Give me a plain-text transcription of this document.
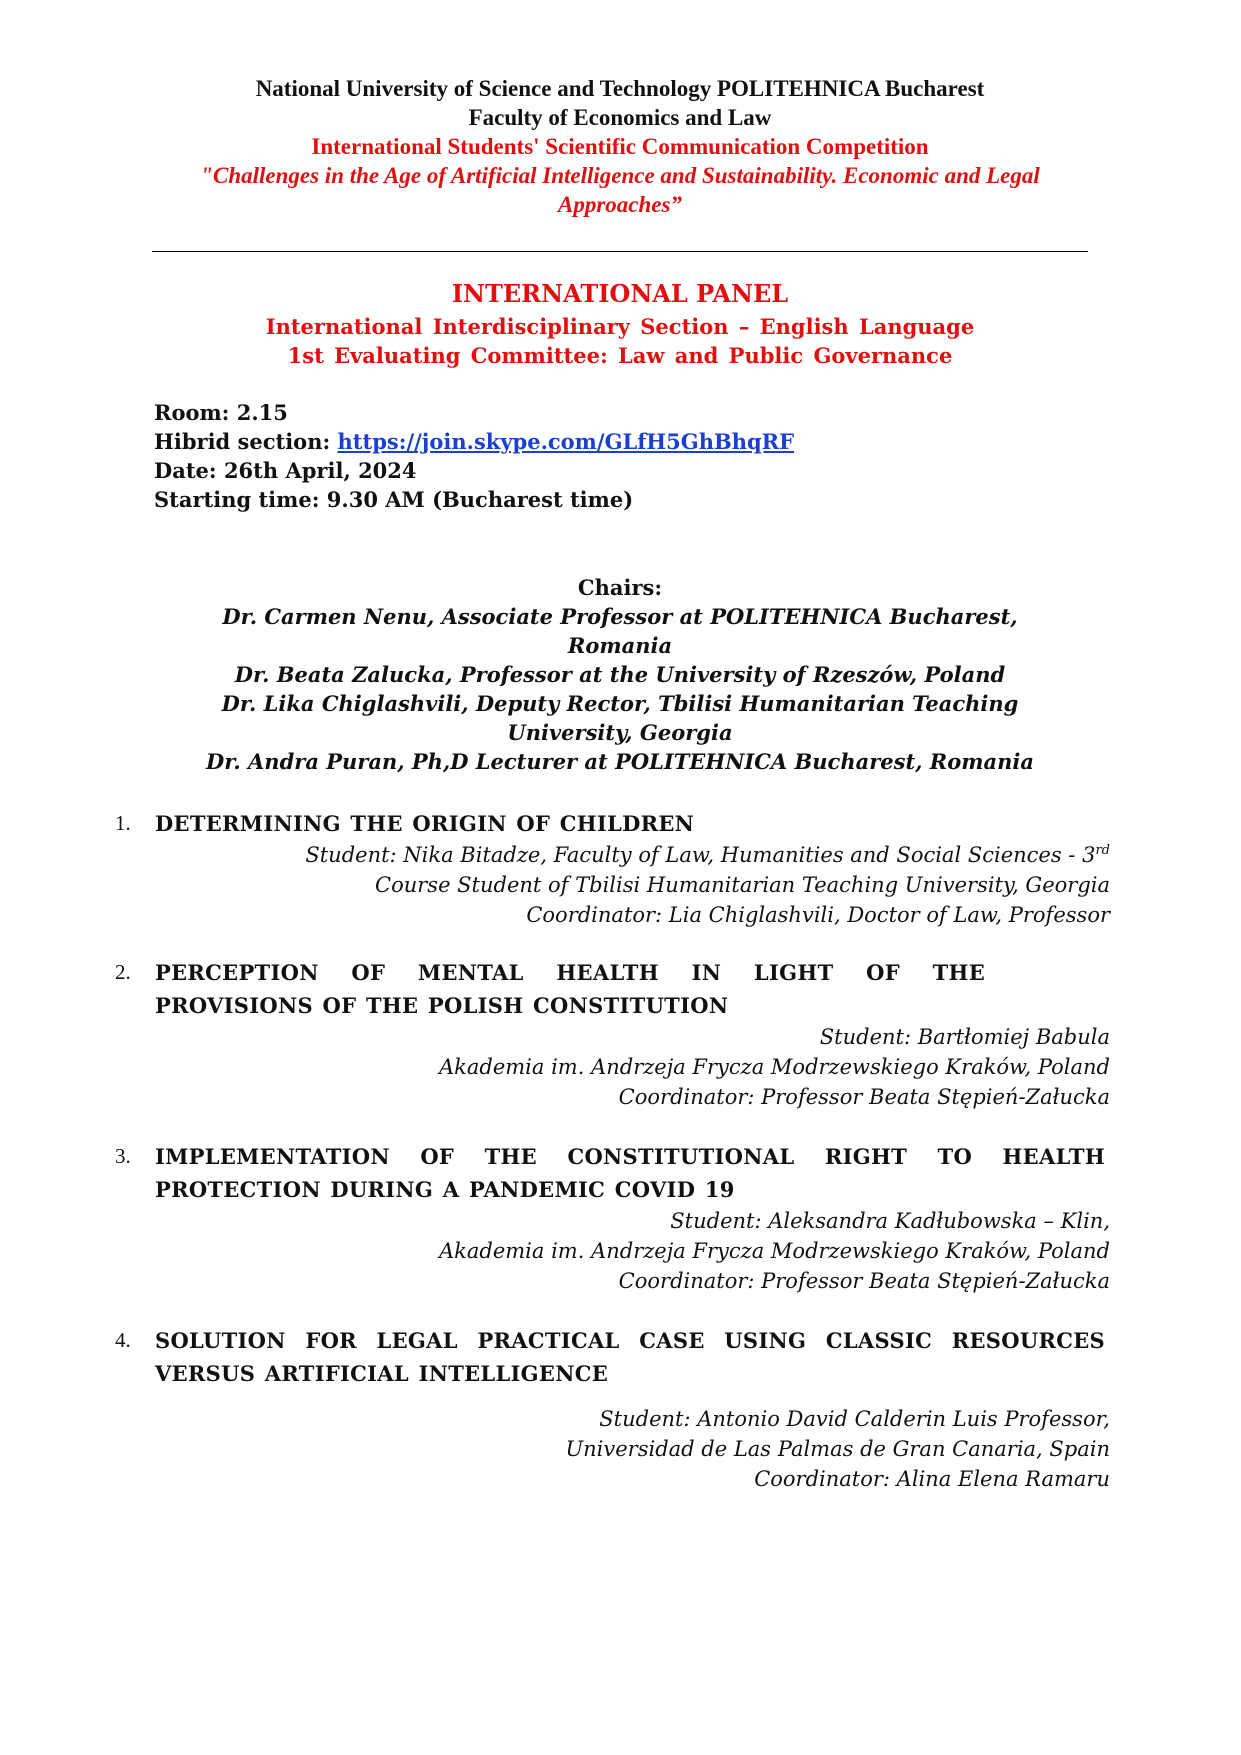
National University of Science and Technology POLITEHNICA Bucharest
Faculty of Economics and Law
International Students' Scientific Communication Competition
"Challenges in the Age of Artificial Intelligence and Sustainability. Economic and Legal
Approaches”
INTERNATIONAL PANEL
International Interdisciplinary Section – English Language
1st Evaluating Committee: Law and Public Governance
Room: 2.15
Hibrid section: https://join.skype.com/GLfH5GhBhqRF
Date: 26th April, 2024
Starting time: 9.30 AM (Bucharest time)
Chairs:
Dr. Carmen Nenu, Associate Professor at POLITEHNICA Bucharest,
Romania
Dr. Beata Zalucka, Professor at the University of Rzeszów, Poland
Dr. Lika Chiglashvili, Deputy Rector, Tbilisi Humanitarian Teaching
University, Georgia
Dr. Andra Puran, Ph,D Lecturer at POLITEHNICA Bucharest, Romania
1. DETERMINING THE ORIGIN OF CHILDREN
Student: Nika Bitadze, Faculty of Law, Humanities and Social Sciences - 3rd
Course Student of Tbilisi Humanitarian Teaching University, Georgia
Coordinator: Lia Chiglashvili, Doctor of Law, Professor
2. PERCEPTION OF MENTAL HEALTH IN LIGHT OF THE PROVISIONS OF THE POLISH CONSTITUTION
Student: Bartłomiej Babula
Akademia im. Andrzeja Frycza Modrzewskiego Kraków, Poland
Coordinator: Professor Beata Stępień-Załucka
3. IMPLEMENTATION OF THE CONSTITUTIONAL RIGHT TO HEALTH PROTECTION DURING A PANDEMIC COVID 19
Student: Aleksandra Kadłubowska – Klin,
Akademia im. Andrzeja Frycza Modrzewskiego Kraków, Poland
Coordinator: Professor Beata Stępień-Załucka
4. SOLUTION FOR LEGAL PRACTICAL CASE USING CLASSIC RESOURCES VERSUS ARTIFICIAL INTELLIGENCE
Student: Antonio David Calderin Luis Professor,
Universidad de Las Palmas de Gran Canaria, Spain
Coordinator: Alina Elena Ramaru
